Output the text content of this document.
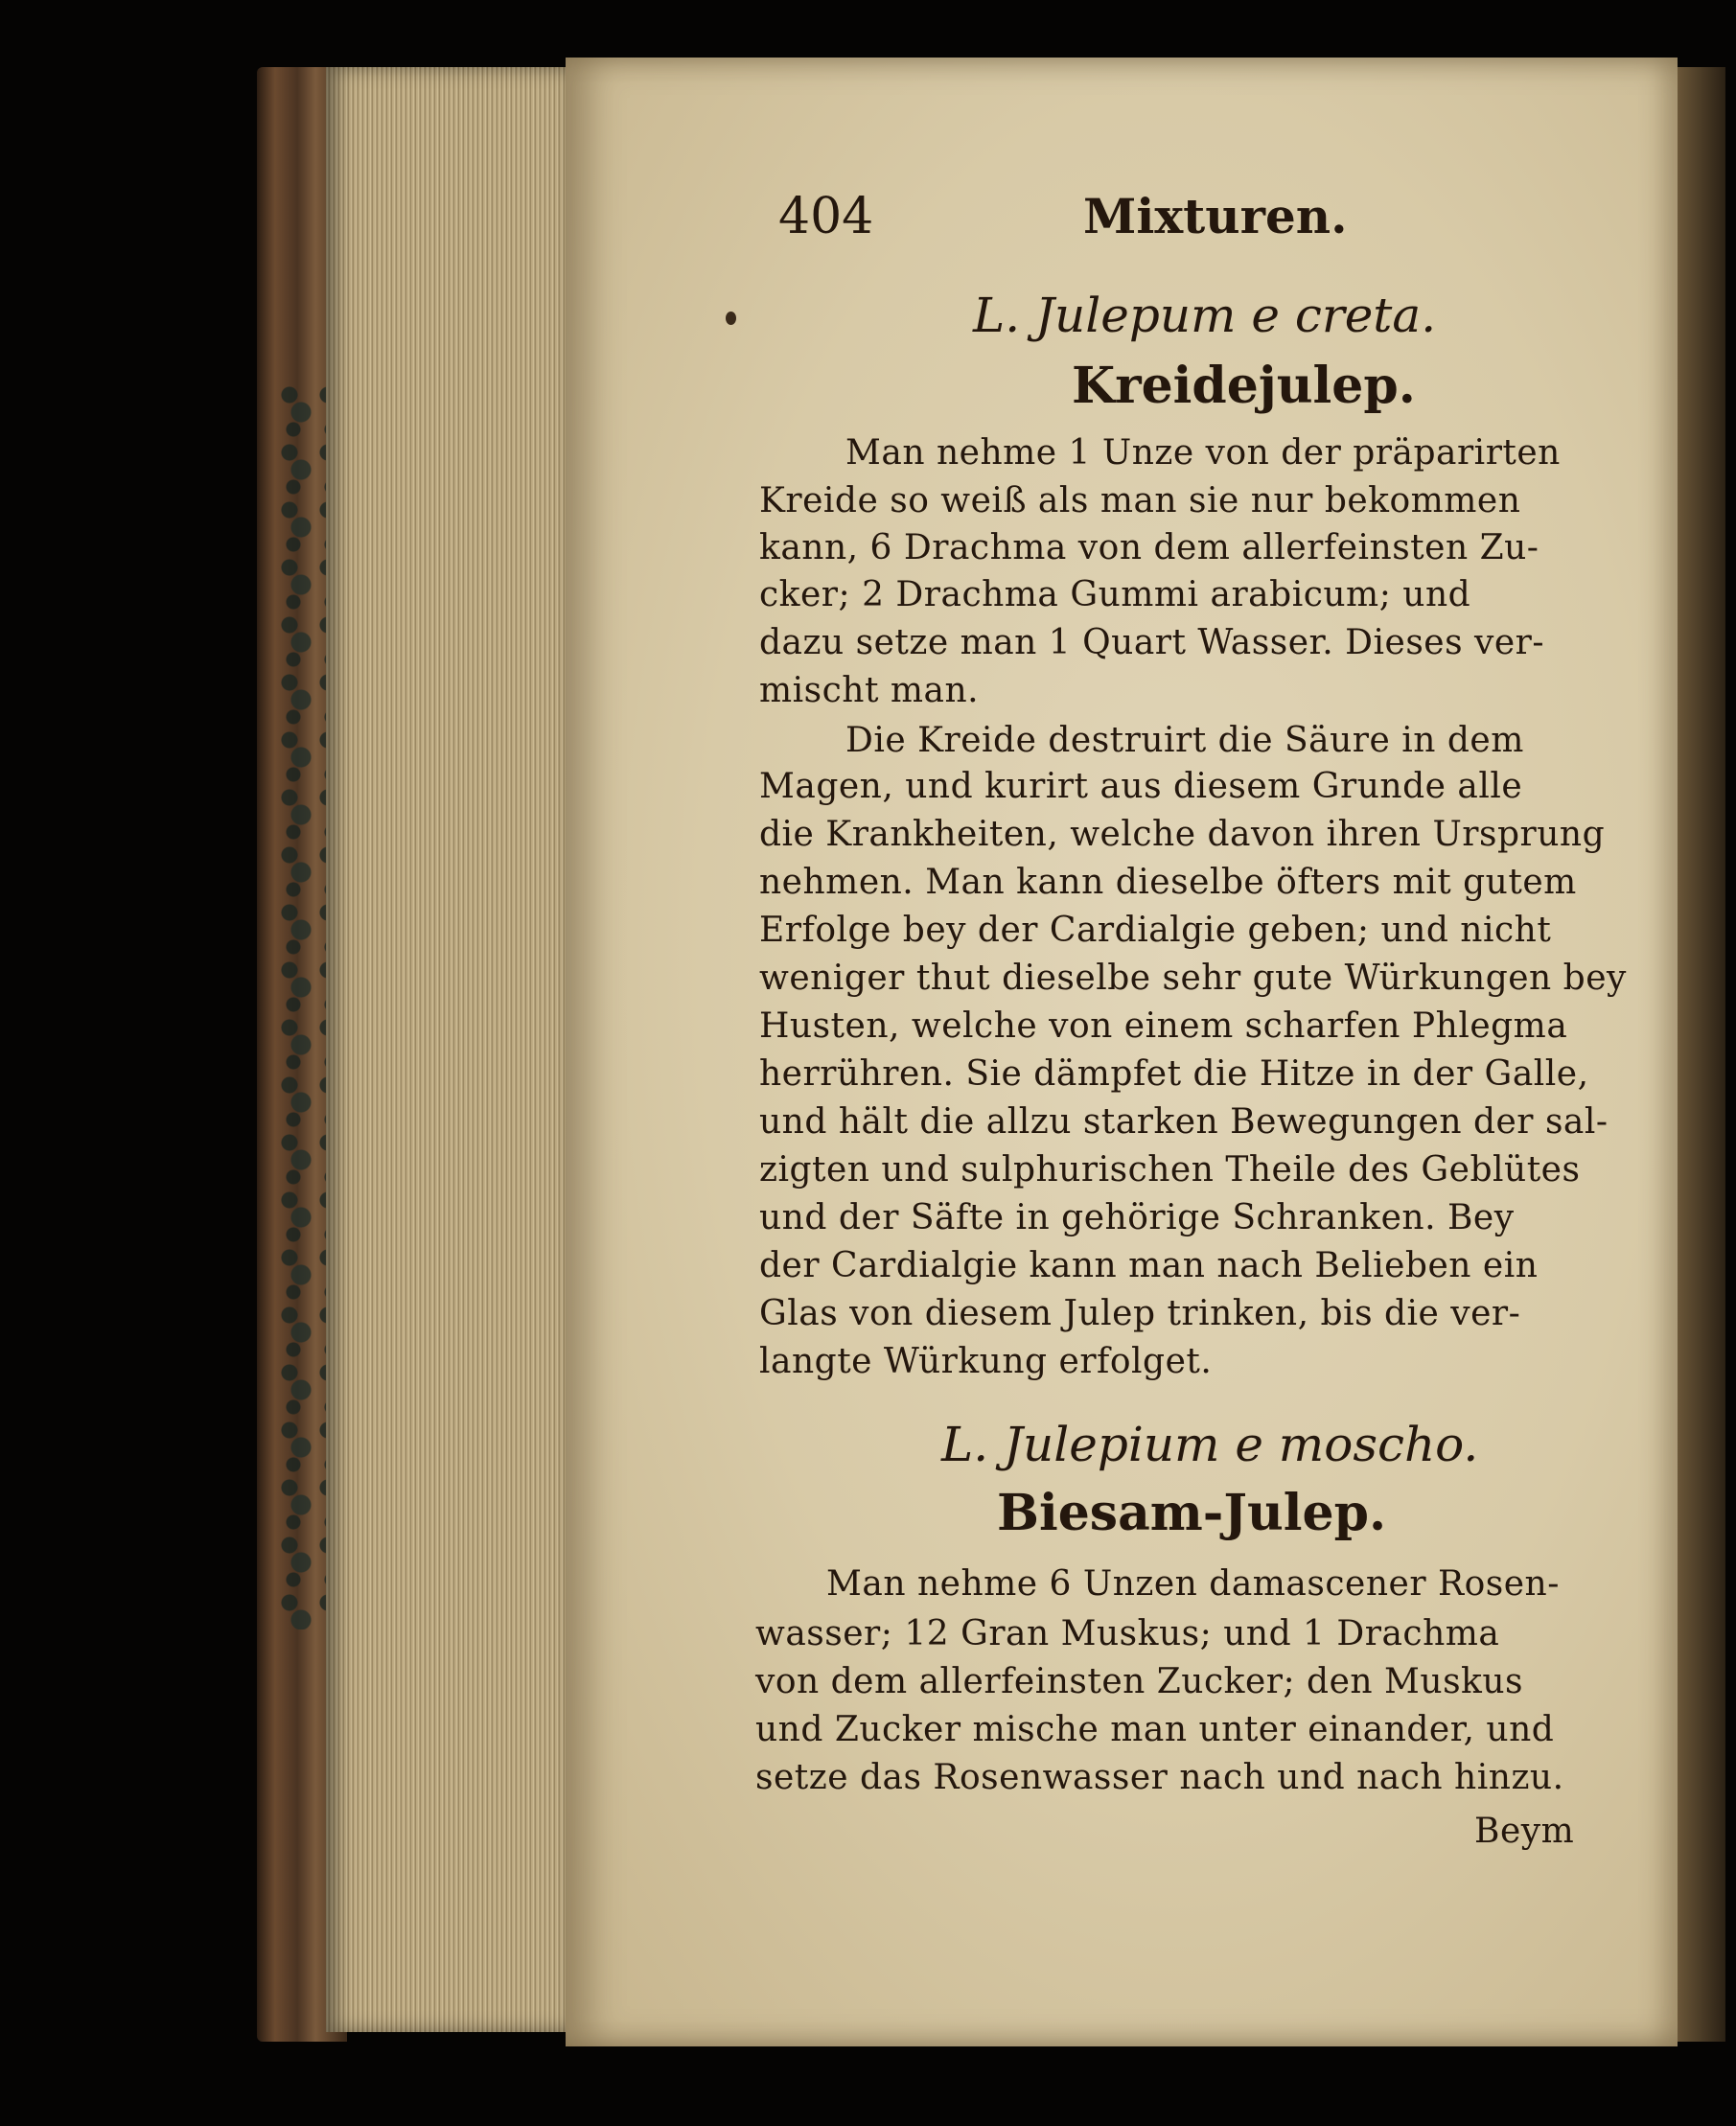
404	Mixturen.
L. Julepum e creta.
Kreidejulep.
Man nehme 1 Unze von der präparirten
Kreide so weiß als man sie nur bekommen
kann, 6 Drachma von dem allerfeinsten Zu-
cker; 2 Drachma Gummi arabicum; und
dazu setze man 1 Quart Wasser. Dieses ver-
mischt man.
Die Kreide destruirt die Säure in dem
Magen, und kurirt aus diesem Grunde alle
die Krankheiten, welche davon ihren Ursprung
nehmen. Man kann dieselbe öfters mit gutem
Erfolge bey der Cardialgie geben; und nicht
weniger thut dieselbe sehr gute Würkungen bey
Husten, welche von einem scharfen Phlegma
herrühren. Sie dämpfet die Hitze in der Galle,
und hält die allzu starken Bewegungen der sal-
zigten und sulphurischen Theile des Geblütes
und der Säfte in gehörige Schranken. Bey
der Cardialgie kann man nach Belieben ein
Glas von diesem Julep trinken, bis die ver-
langte Würkung erfolget.
L. Julepium e moscho.
Biesam-Julep.
Man nehme 6 Unzen damascener Rosen-
wasser; 12 Gran Muskus; und 1 Drachma
von dem allerfeinsten Zucker; den Muskus
und Zucker mische man unter einander, und
setze das Rosenwasser nach und nach hinzu.
Beym
